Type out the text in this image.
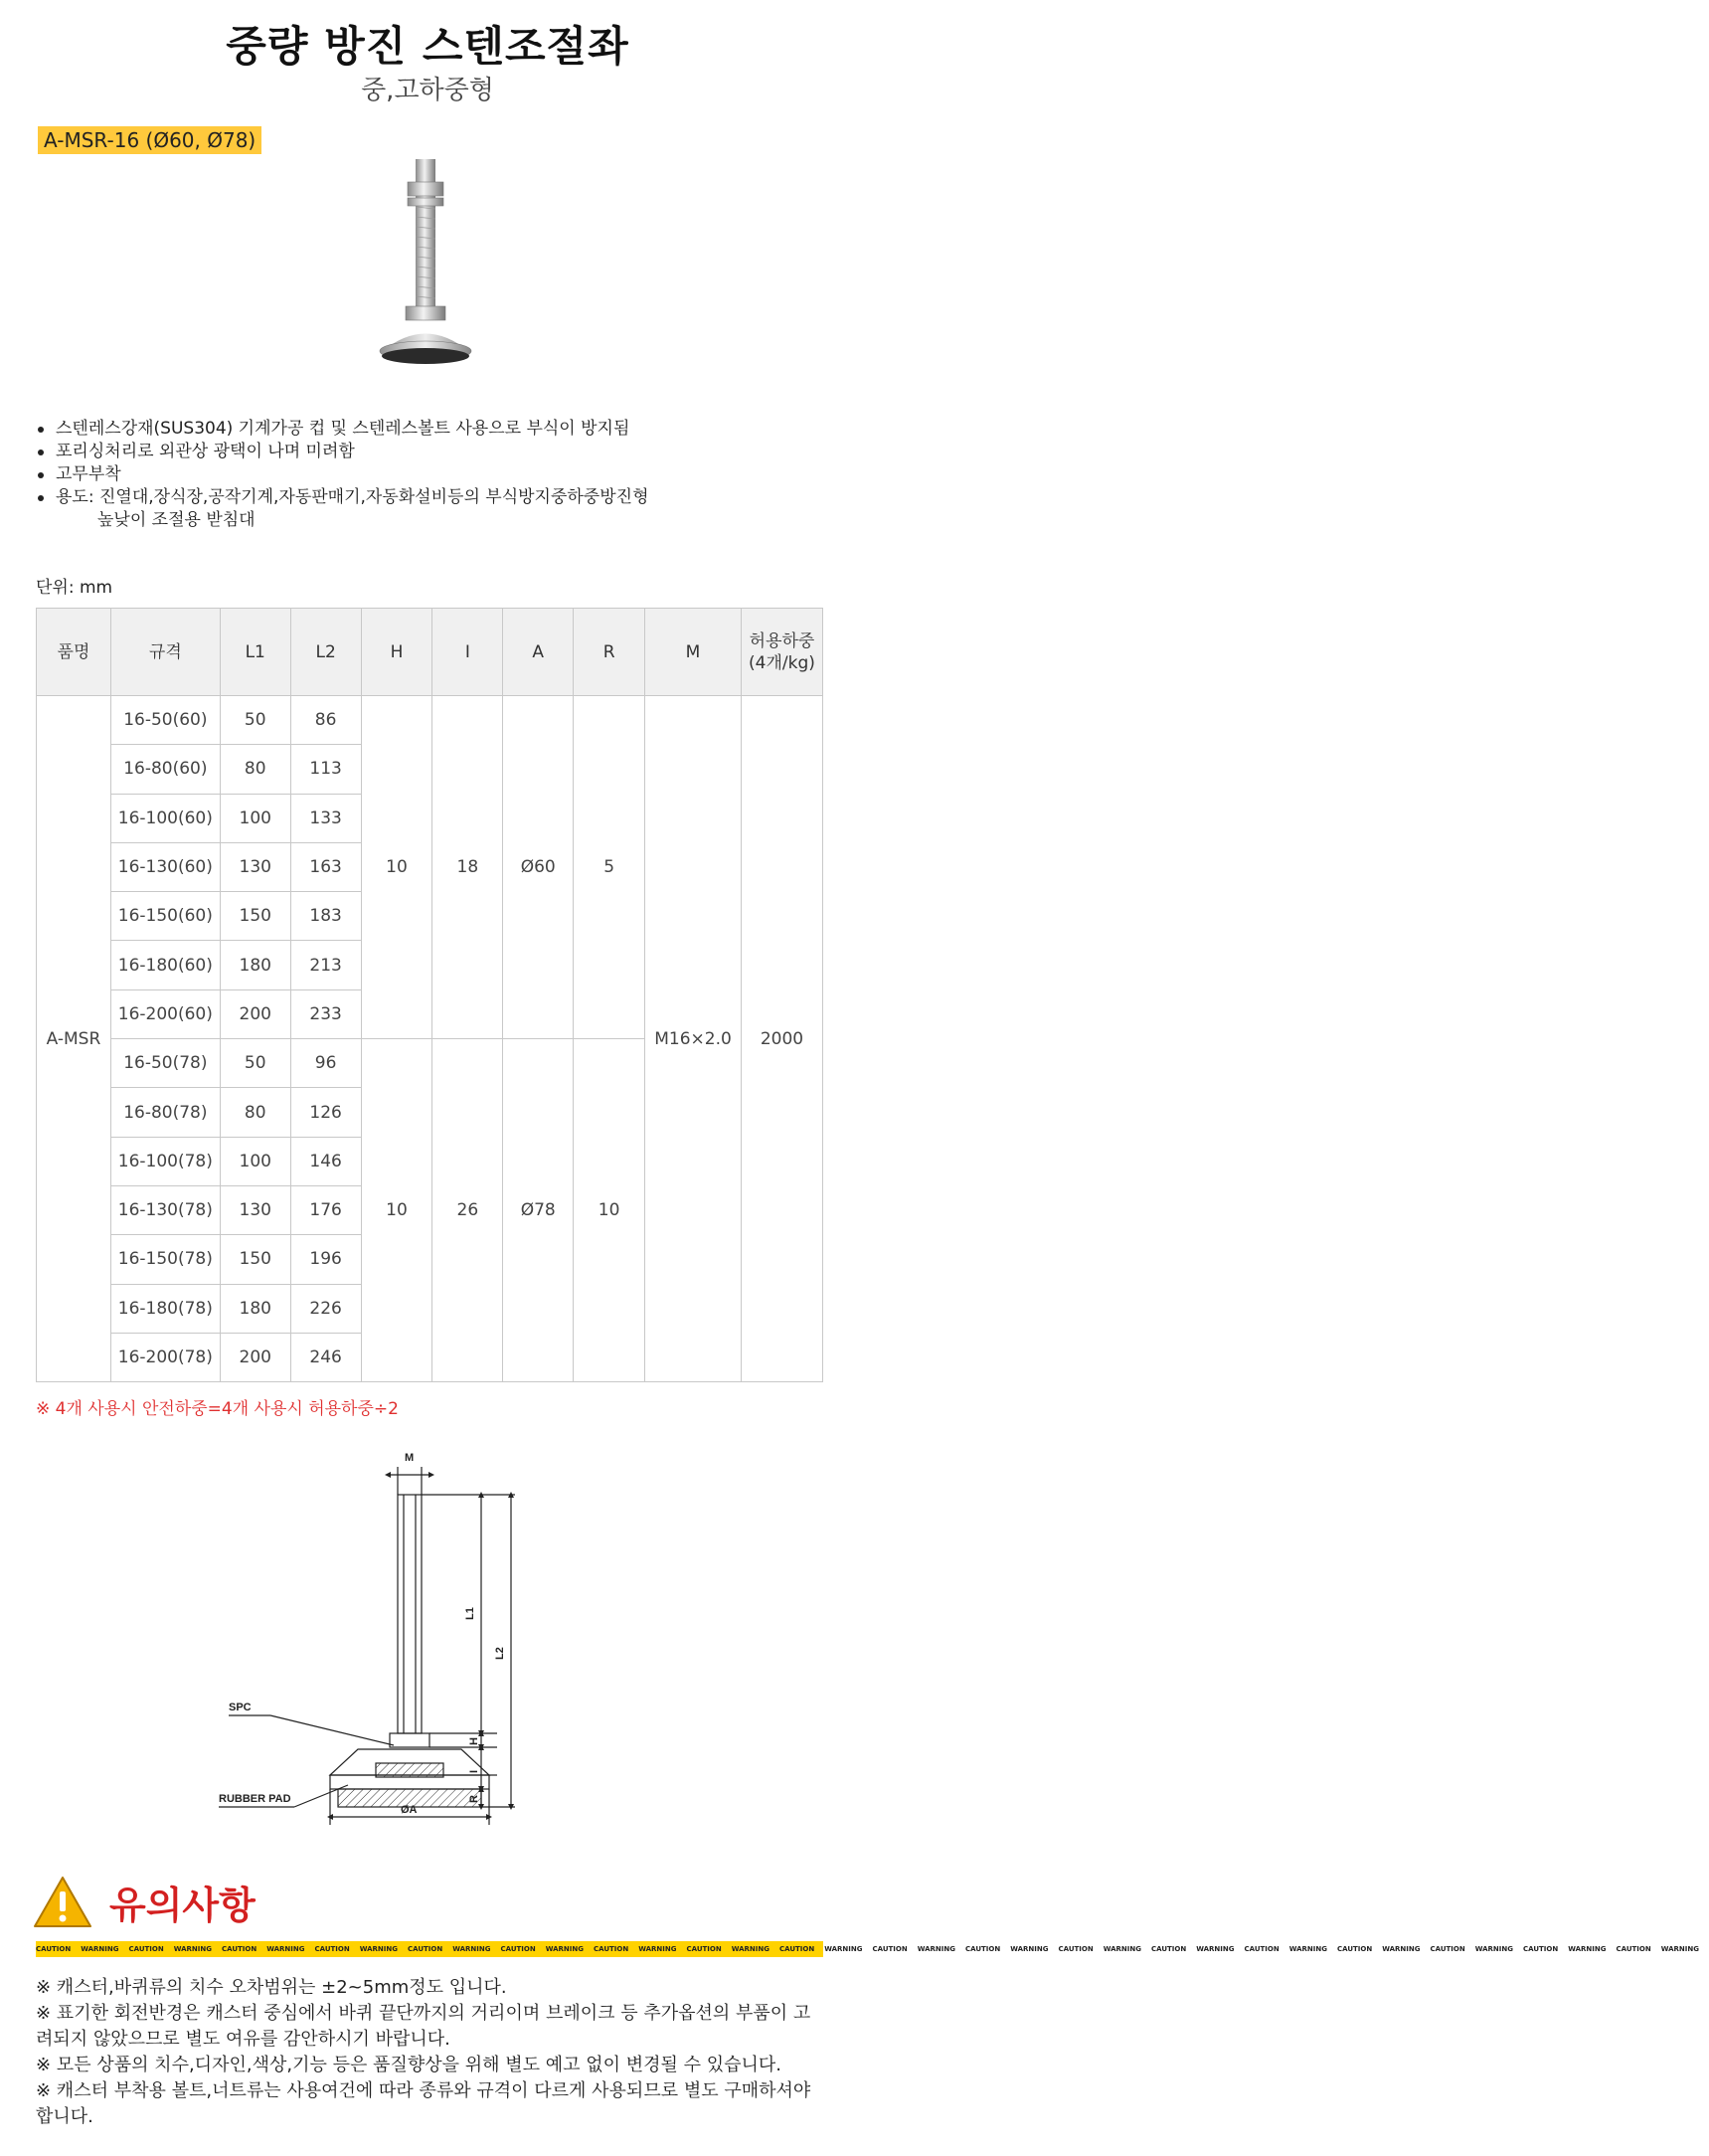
중량 방진 스텐조절좌
중,고하중형
A-MSR-16 (Ø60, Ø78)
스텐레스강재(SUS304) 기계가공 컵 및 스텐레스볼트 사용으로 부식이 방지됨
포리싱처리로 외관상 광택이 나며 미려함
고무부착
용도: 진열대,장식장,공작기계,자동판매기,자동화설비등의 부식방지중하중방진형
높낮이 조절용 받침대
단위: mm
품명	규격	L1	L2	H	I	A	R	M	허용하중
(4개/kg)
A-MSR	16-50(60)	50	86	10	18	Ø60	5	M16×2.0	2000
	16-80(60)	80	113						
	16-100(60)	100	133						
	16-130(60)	130	163						
	16-150(60)	150	183						
	16-180(60)	180	213						
	16-200(60)	200	233						
	16-50(78)	50	96	10	26	Ø78	10		
	16-80(78)	80	126						
	16-100(78)	100	146						
	16-130(78)	130	176						
	16-150(78)	150	196						
	16-180(78)	180	226						
	16-200(78)	200	246						
※ 4개 사용시 안전하중=4개 사용시 허용하중÷2
M
L1
L2
H
I
R
ØA
SPC
RUBBER PAD
유의사항
CAUTION WARNING CAUTION WARNING CAUTION WARNING CAUTION WARNING CAUTION WARNING CAUTION WARNING CAUTION WARNING CAUTION WARNING CAUTION WARNING CAUTION WARNING CAUTION WARNING CAUTION WARNING CAUTION WARNING CAUTION WARNING CAUTION WARNING CAUTION WARNING CAUTION WARNING CAUTION WARNING
※ 캐스터,바퀴류의 치수 오차범위는 ±2~5mm정도 입니다.
※ 표기한 회전반경은 캐스터 중심에서 바퀴 끝단까지의 거리이며 브레이크 등 추가옵션의 부품이 고려되지 않았으므로 별도 여유를 감안하시기 바랍니다.
※ 모든 상품의 치수,디자인,색상,기능 등은 품질향상을 위해 별도 예고 없이 변경될 수 있습니다.
※ 캐스터 부착용 볼트,너트류는 사용여건에 따라 종류와 규격이 다르게 사용되므로 별도 구매하셔야 합니다.
